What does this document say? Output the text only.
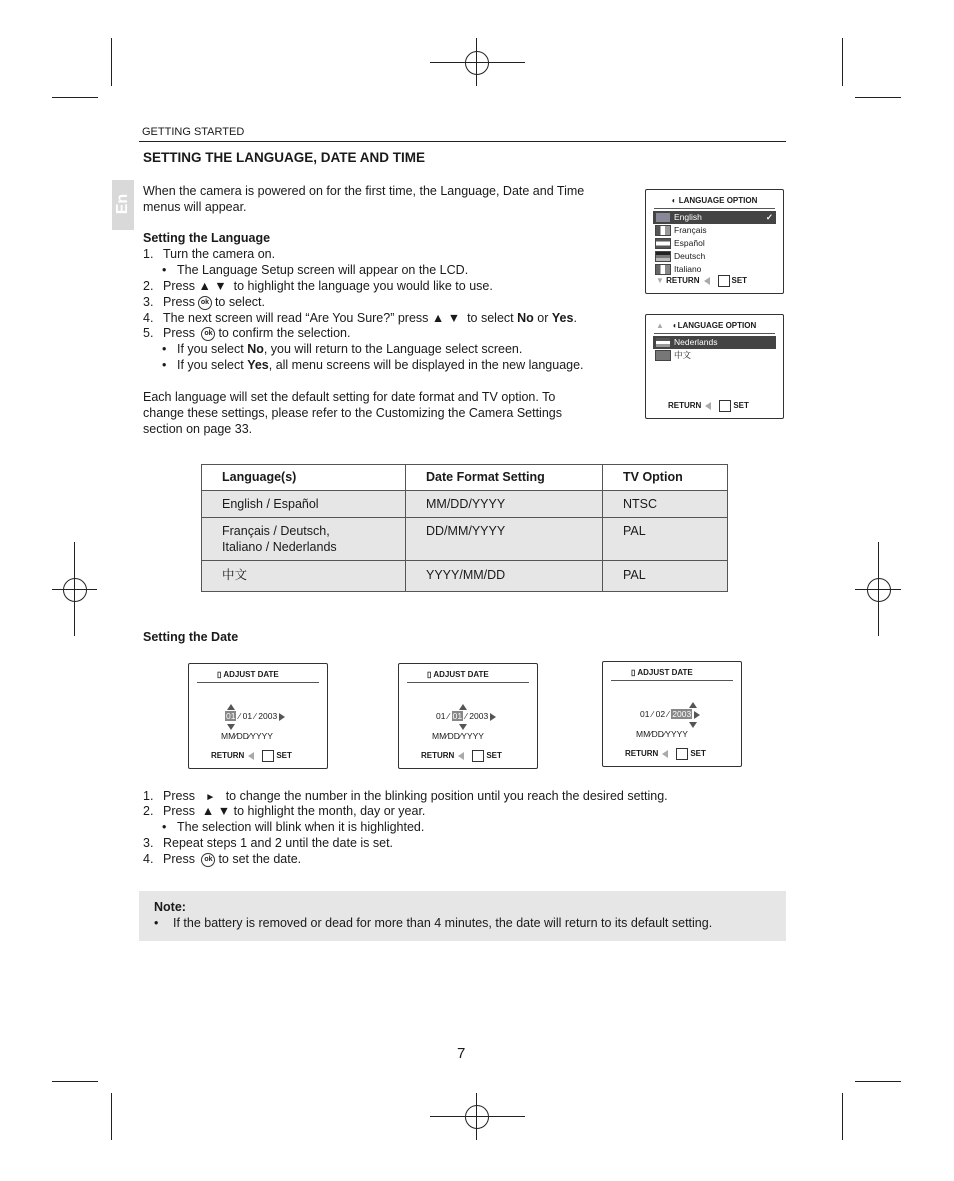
GETTING STARTED
SETTING THE LANGUAGE, DATE AND TIME
En
When the camera is powered on for the first time, the Language, Date and Time
menus will appear.
Setting the Language
1. Turn the camera on.
• The Language Setup screen will appear on the LCD.
2. Press ▲ ▼ to highlight the language you would like to use.
3. Press ok to select.
4. The next screen will read “Are You Sure?” press ▲ ▼ to select No or Yes.
5. Press ok to confirm the selection.
• If you select No, you will return to the Language select screen.
• If you select Yes, all menu screens will be displayed in the new language.
Each language will set the default setting for date format and TV option. To
change these settings, please refer to the Customizing the Camera Settings
section on page 33.
◐ LANGUAGE OPTION
English	✓
Français
Español
Deutsch
Italiano
▼ RETURN	SET
▲ ◐LANGUAGE OPTION
Nederlands
中文
RETURN	SET
Language(s)	Date Format Setting	TV Option
English / Español	MM/DD/YYYY	NTSC
Français / Deutsch,
Italiano / Nederlands	DD/MM/YYYY	PAL
中文	YYYY/MM/DD	PAL
Setting the Date
▯ ADJUST DATE
01 ∕ 01 ∕ 2003
MM∕DD∕YYYY
RETURN	SET
▯ ADJUST DATE
01 ∕ 01 ∕ 2003
MM∕DD∕YYYY
RETURN	SET
▯ ADJUST DATE
01 ∕ 02 ∕ 2003
MM∕DD∕YYYY
RETURN	SET
1. Press ► to change the number in the blinking position until you reach the desired setting.
2. Press ▲ ▼ to highlight the month, day or year.
• The selection will blink when it is highlighted.
3. Repeat steps 1 and 2 until the date is set.
4. Press ok to set the date.
Note:
• If the battery is removed or dead for more than 4 minutes, the date will return to its default setting.
7
